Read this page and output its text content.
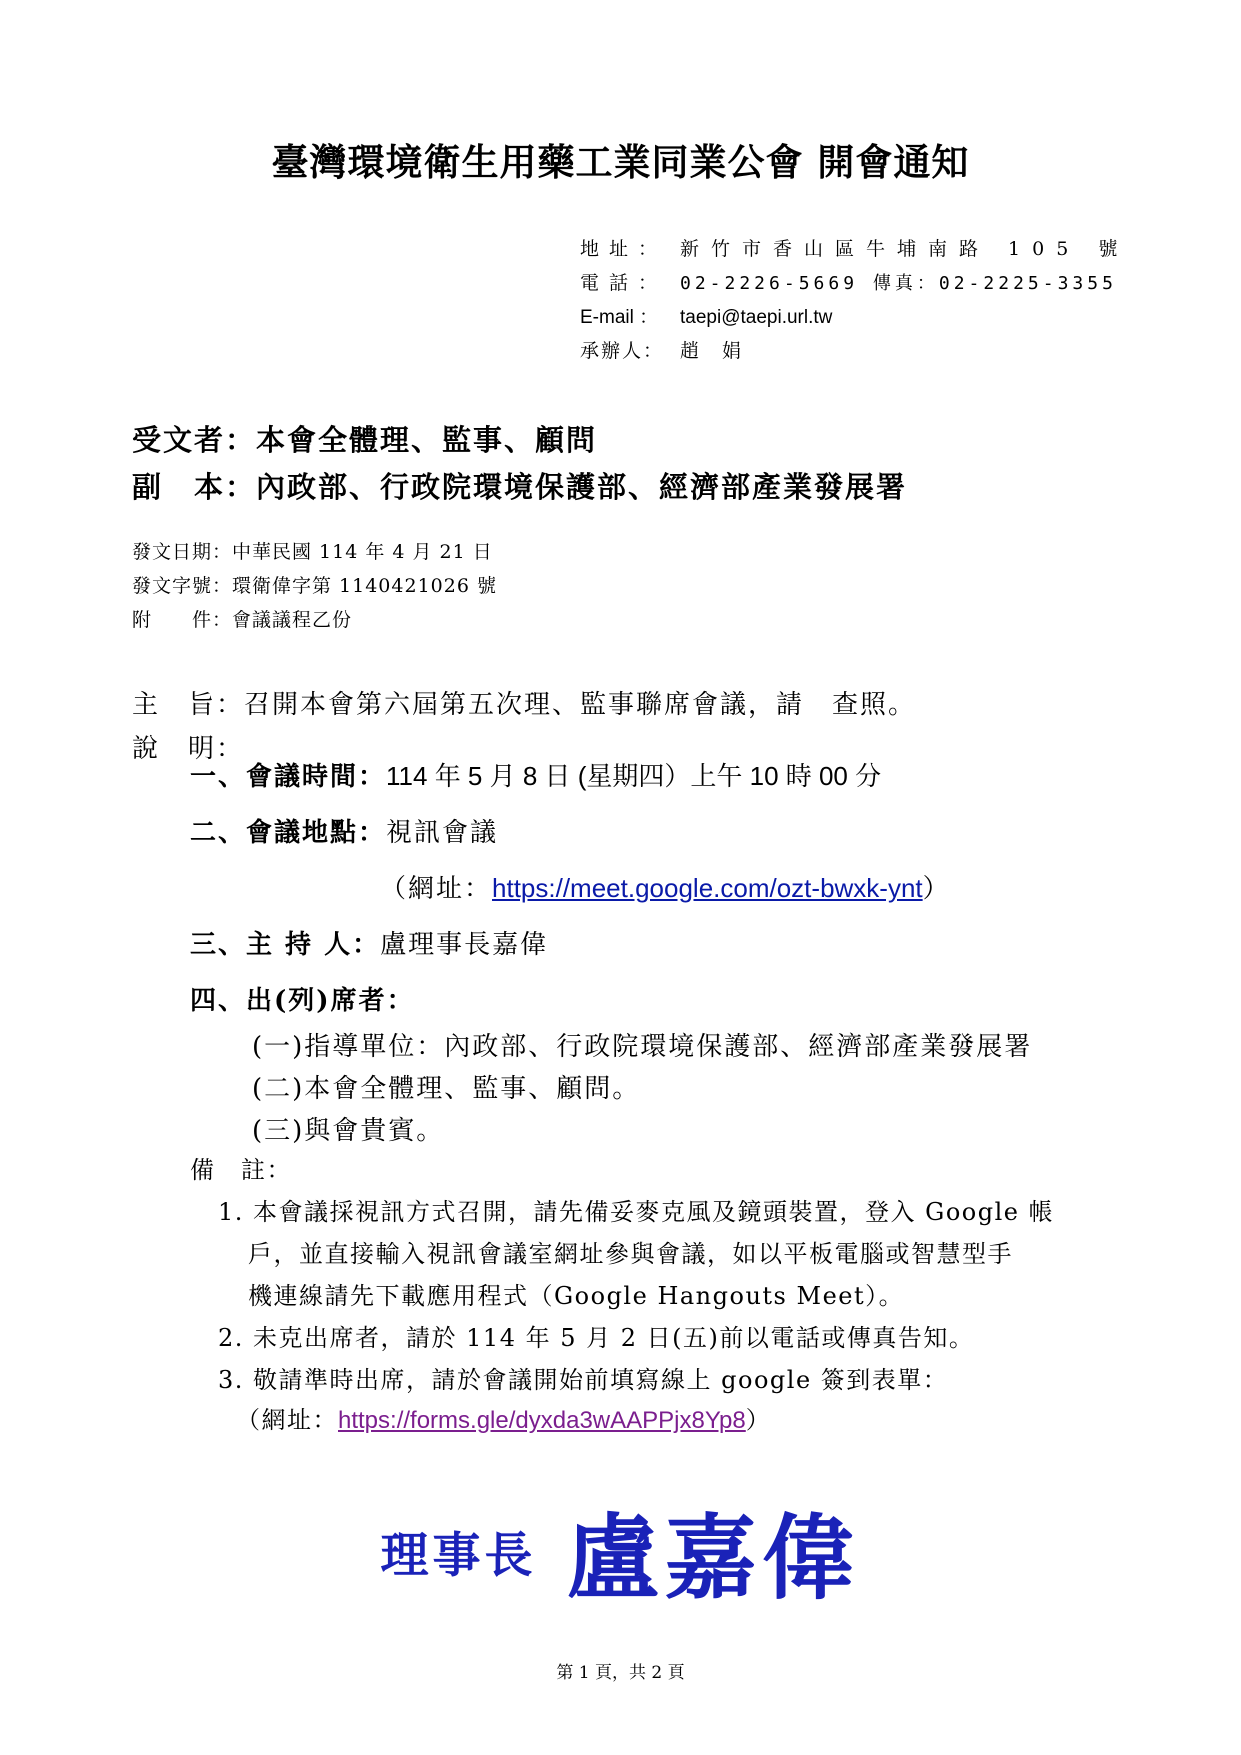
臺灣環境衛生用藥工業同業公會 開會通知
地址： 新竹市香山區牛埔南路 105 號
電話： 02-2226-5669 傳真：02-2225-3355
E-mail ： taepi@taepi.url.tw
承辦人： 趙　娟
受文者：本會全體理、監事、顧問
副　本：內政部、行政院環境保護部、經濟部產業發展署
發文日期：中華民國 114 年 4 月 21 日
發文字號：環衛偉字第 1140421026 號
附　　件：會議議程乙份
主　旨：召開本會第六屆第五次理、監事聯席會議，請　查照。
說　明：
一、會議時間：114 年 5 月 8 日 (星期四）上午 10 時 00 分
二、會議地點：視訊會議
（網址：https://meet.google.com/ozt-bwxk-ynt）
三、主 持 人：盧理事長嘉偉
四、出(列)席者：
(一)指導單位：內政部、行政院環境保護部、經濟部產業發展署
(二)本會全體理、監事、顧問。
(三)與會貴賓。
備　註：
1. 本會議採視訊方式召開，請先備妥麥克風及鏡頭裝置，登入 Google 帳
戶，並直接輸入視訊會議室網址參與會議，如以平板電腦或智慧型手
機連線請先下載應用程式（Google Hangouts Meet）。
2. 未克出席者，請於 114 年 5 月 2 日(五)前以電話或傳真告知。
3. 敬請準時出席，請於會議開始前填寫線上 google 簽到表單：
（網址：https://forms.gle/dyxda3wAAPPjx8Yp8）
理事長 盧嘉偉
第 1 頁，共 2 頁
